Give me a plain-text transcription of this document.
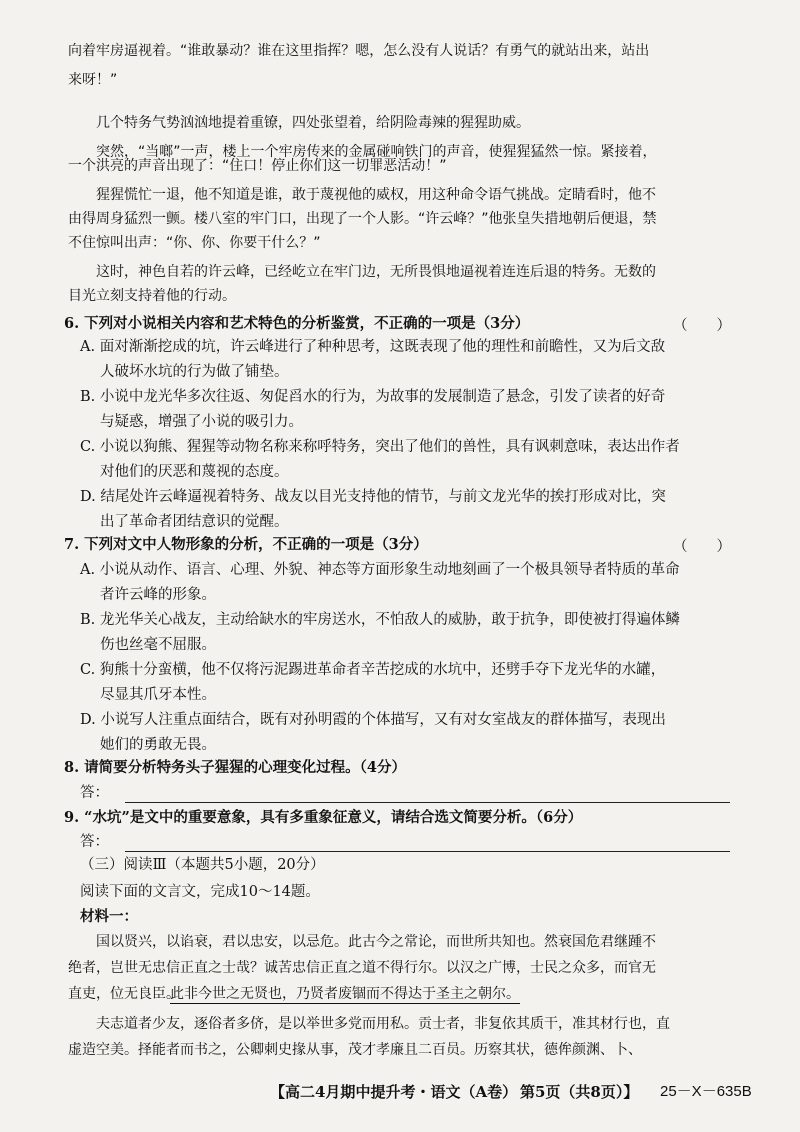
向着牢房逼视着。“谁敢暴动？谁在这里指挥？嗯，怎么没有人说话？有勇气的就站出来，站出
来呀！”
　　几个特务气势汹汹地提着重镣，四处张望着，给阴险毒辣的猩猩助威。
　　突然，“当啷”一声，楼上一个牢房传来的金属碰响铁门的声音，使猩猩猛然一惊。紧接着，
一个洪亮的声音出现了：“住口！停止你们这一切罪恶活动！”
　　猩猩慌忙一退，他不知道是谁，敢于蔑视他的威权，用这种命令语气挑战。定睛看时，他不
由得周身猛烈一颤。楼八室的牢门口，出现了一个人影。“许云峰？”他张皇失措地朝后便退，禁
不住惊叫出声：“你、你、你要干什么？”
　　这时，神色自若的许云峰，已经屹立在牢门边，无所畏惧地逼视着连连后退的特务。无数的
目光立刻支持着他的行动。
6. 下列对小说相关内容和艺术特色的分析鉴赏，不正确的一项是（3分）	（　　）
A. 面对渐渐挖成的坑，许云峰进行了种种思考，这既表现了他的理性和前瞻性，又为后文敌
人破坏水坑的行为做了铺垫。
B. 小说中龙光华多次往返、匆促舀水的行为，为故事的发展制造了悬念，引发了读者的好奇
与疑惑，增强了小说的吸引力。
C. 小说以狗熊、猩猩等动物名称来称呼特务，突出了他们的兽性，具有讽刺意味，表达出作者
对他们的厌恶和蔑视的态度。
D. 结尾处许云峰逼视着特务、战友以目光支持他的情节，与前文龙光华的挨打形成对比，突
出了革命者团结意识的觉醒。
7. 下列对文中人物形象的分析，不正确的一项是（3分）	（　　）
A. 小说从动作、语言、心理、外貌、神态等方面形象生动地刻画了一个极具领导者特质的革命
者许云峰的形象。
B. 龙光华关心战友，主动给缺水的牢房送水，不怕敌人的威胁，敢于抗争，即使被打得遍体鳞
伤也丝毫不屈服。
C. 狗熊十分蛮横，他不仅将污泥踢进革命者辛苦挖成的水坑中，还劈手夺下龙光华的水罐，
尽显其爪牙本性。
D. 小说写人注重点面结合，既有对孙明霞的个体描写，又有对女室战友的群体描写，表现出
她们的勇敢无畏。
8. 请简要分析特务头子猩猩的心理变化过程。（4分）
答：
9. “水坑”是文中的重要意象，具有多重象征意义，请结合选文简要分析。（6分）
答：
（三）阅读Ⅲ（本题共5小题，20分）
阅读下面的文言文，完成10～14题。
材料一：
　　国以贤兴，以谄衰，君以忠安，以忌危。此古今之常论，而世所共知也。然衰国危君继踵不
绝者，岂世无忠信正直之士哉？诚苦忠信正直之道不得行尔。以汉之广博，士民之众多，而官无
直吏，位无良臣。
此非今世之无贤也，乃贤者废锢而不得达于圣主之朝尔。
　　夫志道者少友，逐俗者多侪，是以举世多党而用私。贡士者，非复依其质干，准其材行也，直
虚造空美。择能者而书之，公卿刺史掾从事，茂才孝廉且二百员。历察其状，德侔颜渊、卜、
【高二4月期中提升考・语文（A卷） 第5页（共8页）】 25－X－635B
